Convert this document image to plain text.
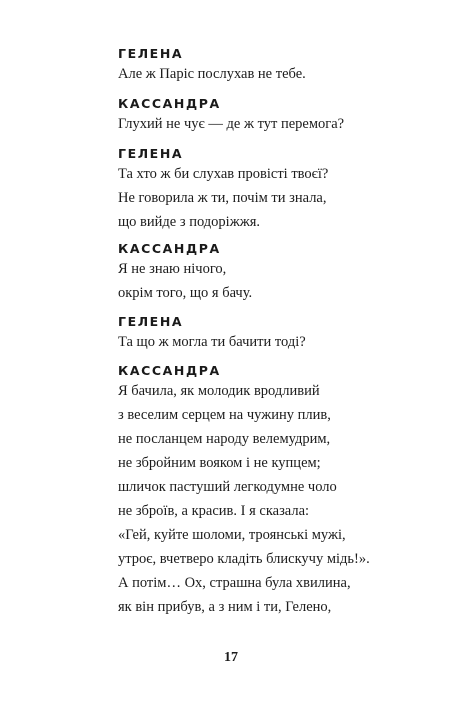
ГЕЛЕНА
Але ж Паріс послухав не тебе.
КАССАНДРА
Глухий не чує — де ж тут перемога?
ГЕЛЕНА
Та хто ж би слухав провісті твоєї?
Не говорила ж ти, почім ти знала,
що вийде з подоріжжя.
КАССАНДРА
Я не знаю нічого,
окрім того, що я бачу.
ГЕЛЕНА
Та що ж могла ти бачити тоді?
КАССАНДРА
Я бачила, як молодик вродливий
з веселим серцем на чужину плив,
не посланцем народу велемудрим,
не збройним вояком і не купцем;
шличок пастуший легкодумне чоло
не зброїв, а красив. І я сказала:
«Гей, куйте шоломи, троянські мужі,
утроє, вчетверо кладіть блискучу мідь!».
А потім… Ох, страшна була хвилина,
як він прибув, а з ним і ти, Гелено,
17
